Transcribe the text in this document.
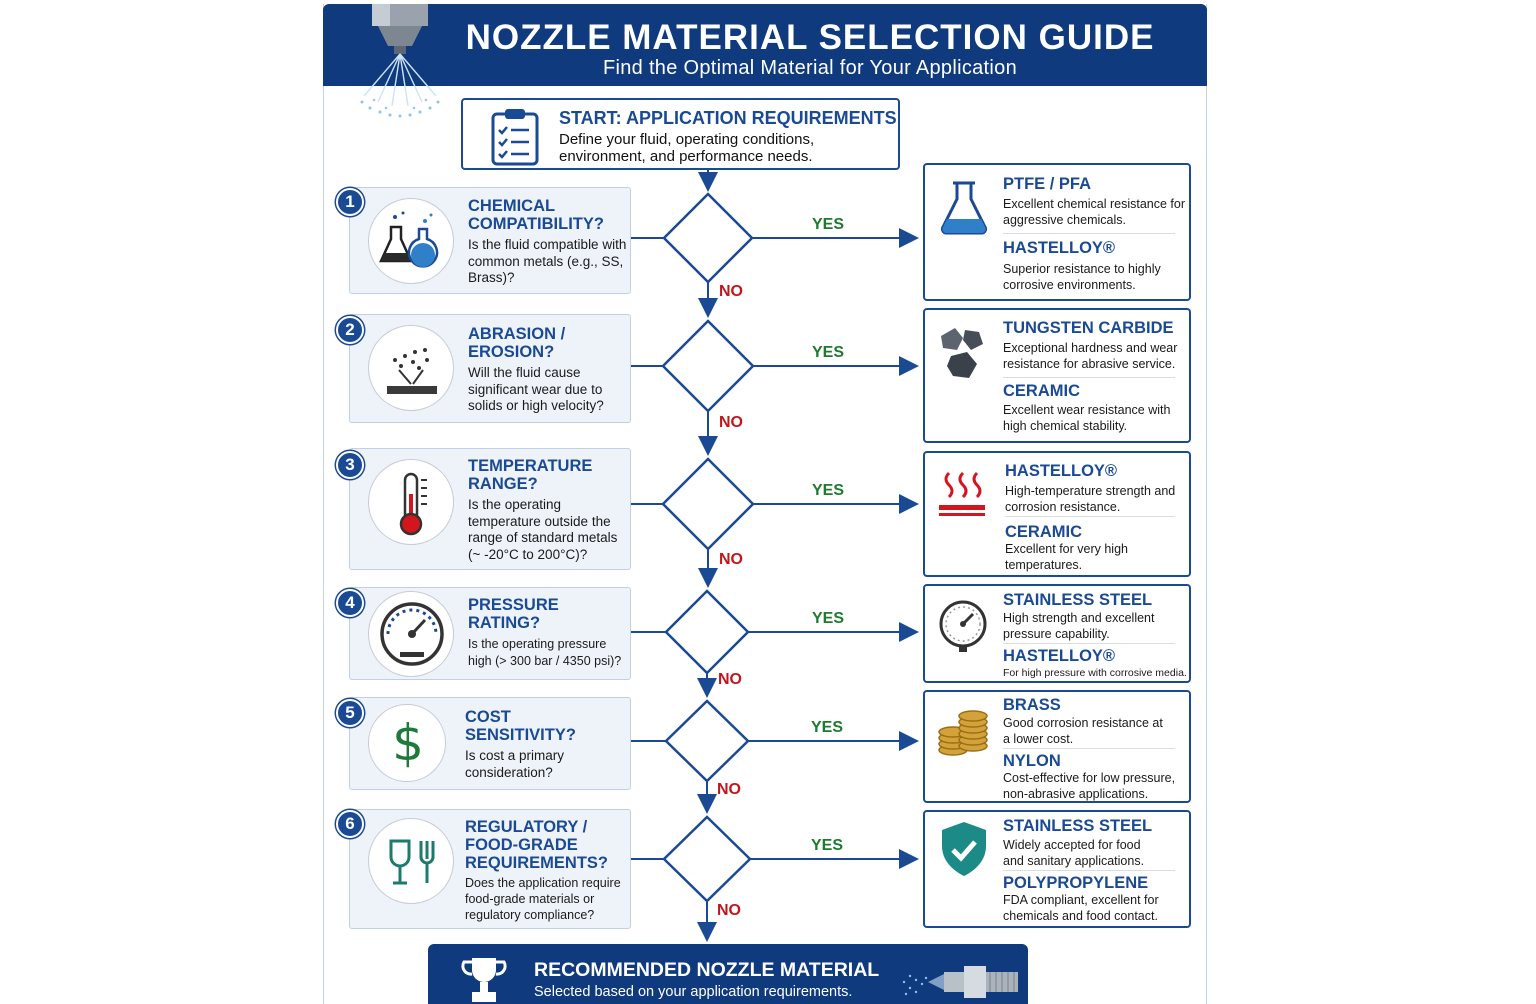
NOZZLE MATERIAL SELECTION GUIDE
Find the Optimal Material for Your Application
START: APPLICATION REQUIREMENTS
Define your fluid, operating conditions, environment, and performance needs.
YES
YES
YES
YES
YES
YES
NO
NO
NO
NO
NO
NO
CHEMICAL COMPATIBILITY?
Is the fluid compatible with common metals (e.g., SS, Brass)?
1
ABRASION / EROSION?
Will the fluid cause significant wear due to solids or high velocity?
2
TEMPERATURE RANGE?
Is the operating temperature outside the range of standard metals (~ -20°C to 200°C)?
3
PRESSURE RATING?
Is the operating pressure high (> 300 bar / 4350 psi)?
4
$ COST SENSITIVITY?
Is cost a primary consideration?
5
REGULATORY / FOOD-GRADE REQUIREMENTS?
Does the application require food-grade materials or regulatory compliance?
6
PTFE / PFA
Excellent chemical resistance for aggressive chemicals.
HASTELLOY®
Superior resistance to highly corrosive environments.
TUNGSTEN CARBIDE
Exceptional hardness and wear resistance for abrasive service.
CERAMIC
Excellent wear resistance with high chemical stability.
HASTELLOY®
High-temperature strength and corrosion resistance.
CERAMIC
Excellent for very high temperatures.
STAINLESS STEEL
High strength and excellent pressure capability.
HASTELLOY®
For high pressure with corrosive media.
BRASS
Good corrosion resistance at a lower cost.
NYLON
Cost-effective for low pressure, non-abrasive applications.
STAINLESS STEEL
Widely accepted for food and sanitary applications.
POLYPROPYLENE
FDA compliant, excellent for chemicals and food contact.
RECOMMENDED NOZZLE MATERIAL
Selected based on your application requirements.
